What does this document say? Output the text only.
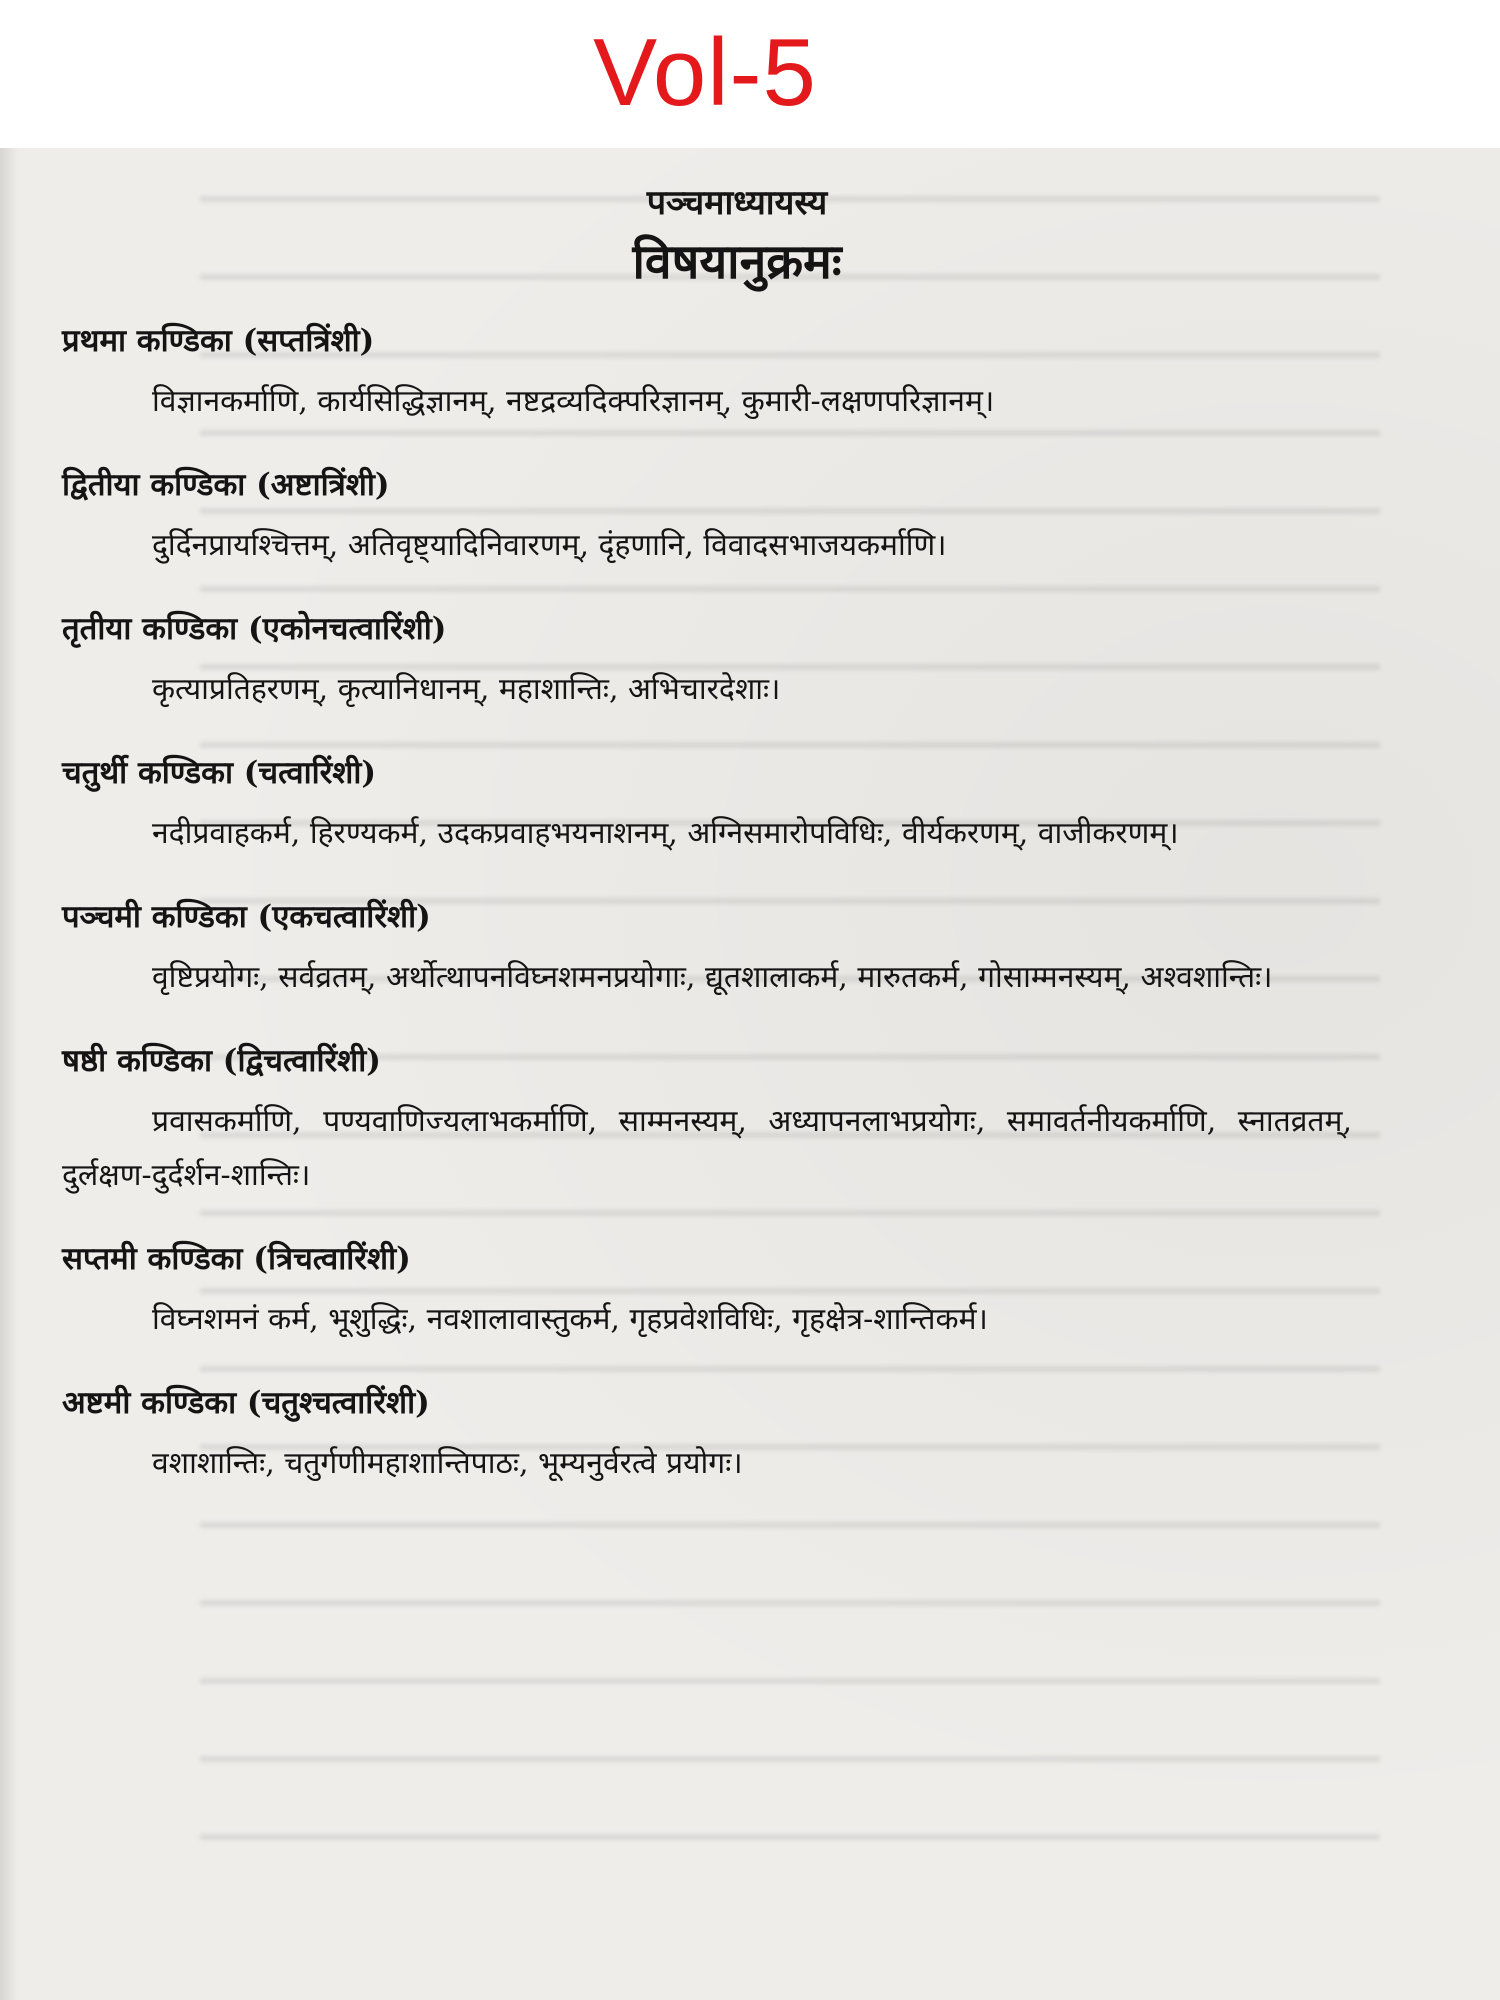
Vol-5
पञ्चमाध्यायस्य
विषयानुक्रमः
प्रथमा कण्डिका (सप्तत्रिंशी)

विज्ञानकर्माणि, कार्यसिद्धिज्ञानम्, नष्टद्रव्यदिक्परिज्ञानम्, कुमारी-लक्षणपरिज्ञानम्।

द्वितीया कण्डिका (अष्टात्रिंशी)

दुर्दिनप्रायश्चित्तम्, अतिवृष्ट्यादिनिवारणम्, दृंहणानि, विवादसभाजयकर्माणि।

तृतीया कण्डिका (एकोनचत्वारिंशी)

कृत्याप्रतिहरणम्, कृत्यानिधानम्, महाशान्तिः, अभिचारदेशाः।

चतुर्थी कण्डिका (चत्वारिंशी)

नदीप्रवाहकर्म, हिरण्यकर्म, उदकप्रवाहभयनाशनम्, अग्निसमारोपविधिः, वीर्यकरणम्, वाजीकरणम्।

पञ्चमी कण्डिका (एकचत्वारिंशी)

वृष्टिप्रयोगः, सर्वव्रतम्, अर्थोत्थापनविघ्नशमनप्रयोगाः, द्यूतशालाकर्म, मारुतकर्म, गोसाम्मनस्यम्, अश्वशान्तिः।

षष्ठी कण्डिका (द्विचत्वारिंशी)

प्रवासकर्माणि, पण्यवाणिज्यलाभकर्माणि, साम्मनस्यम्, अध्यापनलाभप्रयोगः, समावर्तनीयकर्माणि, स्नातव्रतम्, दुर्लक्षण-दुर्दर्शन-शान्तिः।

सप्तमी कण्डिका (त्रिचत्वारिंशी)

विघ्नशमनं कर्म, भूशुद्धिः, नवशालावास्तुकर्म, गृहप्रवेशविधिः, गृहक्षेत्र-शान्तिकर्म।

अष्टमी कण्डिका (चतुश्चत्वारिंशी)

वशाशान्तिः, चतुर्गणीमहाशान्तिपाठः, भूम्यनुर्वरत्वे प्रयोगः।
